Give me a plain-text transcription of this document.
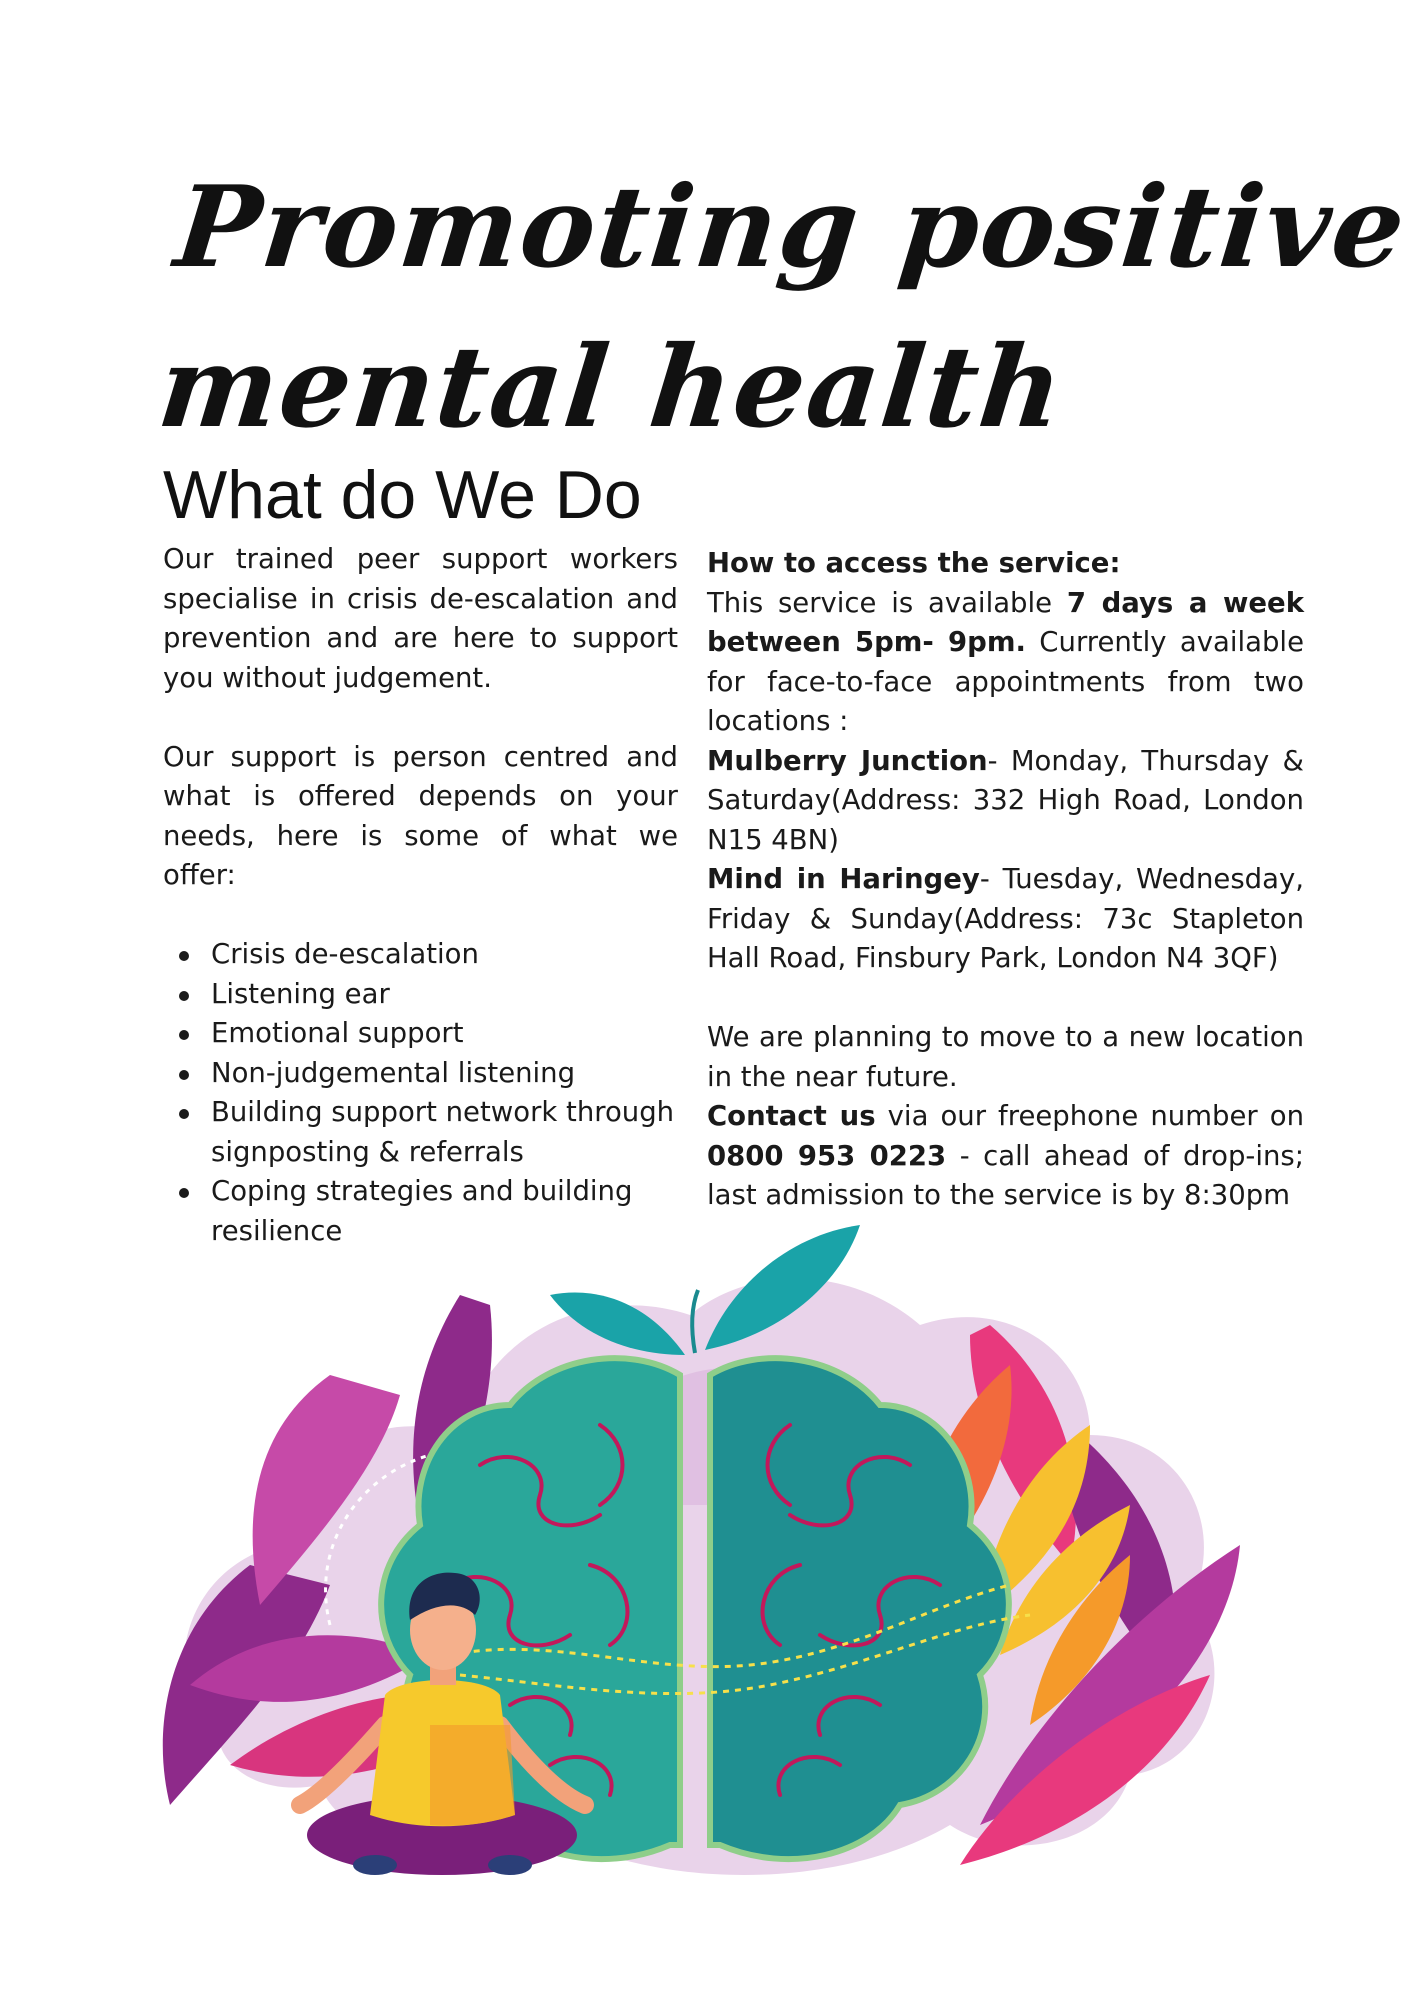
Promoting positive
mental health
What do We Do

Our trained peer support workers specialise in crisis de-escalation and prevention and are here to support you without judgement.

Our support is person centred and what is offered depends on your needs, here is some of what we offer:

Crisis de-escalation
Listening ear
Emotional support
Non-judgemental listening
Building support network through signposting & referrals
Coping strategies and building resilience

How to access the service:

This service is available 7 days a week between 5pm- 9pm. Currently available for face-to-face appointments from two locations :

Mulberry Junction- Monday, Thursday & Saturday(Address: 332 High Road, London N15 4BN)

Mind in Haringey- Tuesday, Wednesday, Friday & Sunday(Address: 73c Stapleton Hall Road, Finsbury Park, London N4 3QF)

We are planning to move to a new location in the near future.

Contact us via our freephone number on 0800 953 0223 - call ahead of drop-ins; last admission to the service is by 8:30pm
